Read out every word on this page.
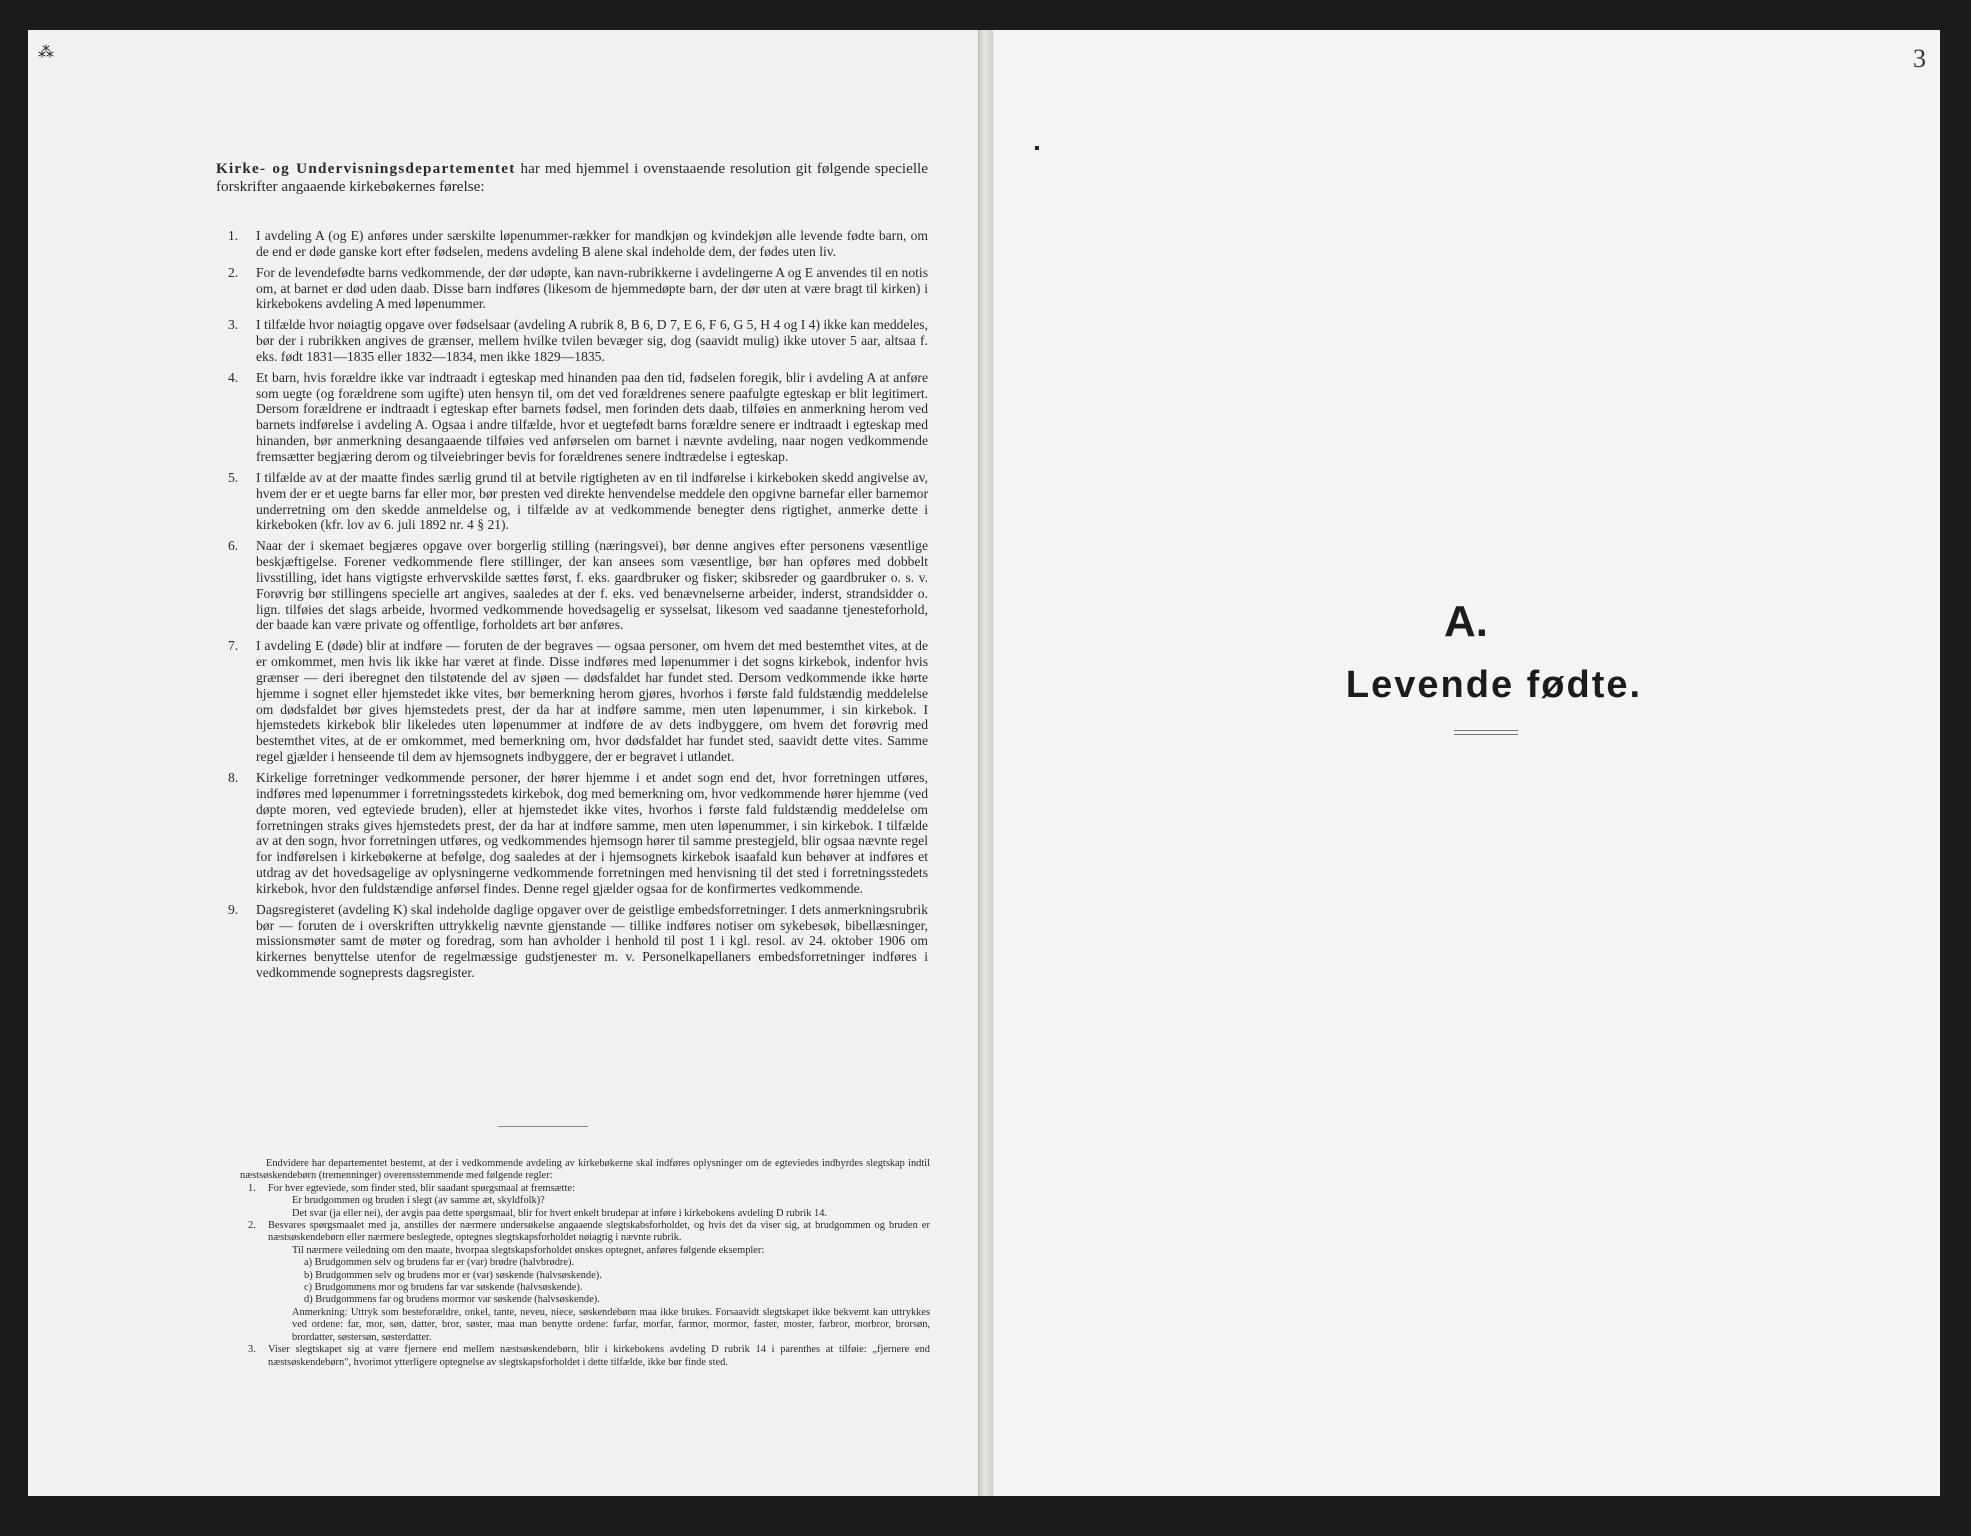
⁂
Kirke- og Undervisningsdepartementet har med hjemmel i ovenstaaende resolution git følgende specielle forskrifter angaaende kirkebøkernes førelse:
1. I avdeling A (og E) anføres under særskilte løpenummer-rækker for mandkjøn og kvindekjøn alle levende fødte barn, om de end er døde ganske kort efter fødselen, medens avdeling B alene skal indeholde dem, der fødes uten liv.
2. For de levendefødte barns vedkommende, der dør udøpte, kan navn-rubrikkerne i avdelingerne A og E anvendes til en notis om, at barnet er død uden daab. Disse barn indføres (likesom de hjemmedøpte barn, der dør uten at være bragt til kirken) i kirkebokens avdeling A med løpenummer.
3. I tilfælde hvor nøiagtig opgave over fødselsaar (avdeling A rubrik 8, B 6, D 7, E 6, F 6, G 5, H 4 og I 4) ikke kan meddeles, bør der i rubrikken angives de grænser, mellem hvilke tvilen bevæger sig, dog (saavidt mulig) ikke utover 5 aar, altsaa f. eks. født 1831—1835 eller 1832—1834, men ikke 1829—1835.
4. Et barn, hvis forældre ikke var indtraadt i egteskap med hinanden paa den tid, fødselen foregik, blir i avdeling A at anføre som uegte (og forældrene som ugifte) uten hensyn til, om det ved forældrenes senere paafulgte egteskap er blit legitimert. Dersom forældrene er indtraadt i egteskap efter barnets fødsel, men forinden dets daab, tilføies en anmerkning herom ved barnets indførelse i avdeling A. Ogsaa i andre tilfælde, hvor et uegtefødt barns forældre senere er indtraadt i egteskap med hinanden, bør anmerkning desangaaende tilføies ved anførselen om barnet i nævnte avdeling, naar nogen vedkommende fremsætter begjæring derom og tilveiebringer bevis for forældrenes senere indtrædelse i egteskap.
5. I tilfælde av at der maatte findes særlig grund til at betvile rigtigheten av en til indførelse i kirkeboken skedd angivelse av, hvem der er et uegte barns far eller mor, bør presten ved direkte henvendelse meddele den opgivne barnefar eller barnemor underretning om den skedde anmeldelse og, i tilfælde av at vedkommende benegter dens rigtighet, anmerke dette i kirkeboken (kfr. lov av 6. juli 1892 nr. 4 § 21).
6. Naar der i skemaet begjæres opgave over borgerlig stilling (næringsvei), bør denne angives efter personens væsentlige beskjæftigelse. Forener vedkommende flere stillinger, der kan ansees som væsentlige, bør han opføres med dobbelt livsstilling, idet hans vigtigste erhvervskilde sættes først, f. eks. gaardbruker og fisker; skibsreder og gaardbruker o. s. v. Forøvrig bør stillingens specielle art angives, saaledes at der f. eks. ved benævnelserne arbeider, inderst, strandsidder o. lign. tilføies det slags arbeide, hvormed vedkommende hovedsagelig er sysselsat, likesom ved saadanne tjenesteforhold, der baade kan være private og offentlige, forholdets art bør anføres.
7. I avdeling E (døde) blir at indføre — foruten de der begraves — ogsaa personer, om hvem det med bestemthet vites, at de er omkommet, men hvis lik ikke har været at finde. Disse indføres med løpenummer i det sogns kirkebok, indenfor hvis grænser — deri iberegnet den tilstøtende del av sjøen — dødsfaldet har fundet sted. Dersom vedkommende ikke hørte hjemme i sognet eller hjemstedet ikke vites, bør bemerkning herom gjøres, hvorhos i første fald fuldstændig meddelelse om dødsfaldet bør gives hjemstedets prest, der da har at indføre samme, men uten løpenummer, i sin kirkebok. I hjemstedets kirkebok blir likeledes uten løpenummer at indføre de av dets indbyggere, om hvem det forøvrig med bestemthet vites, at de er omkommet, med bemerkning om, hvor dødsfaldet har fundet sted, saavidt dette vites. Samme regel gjælder i henseende til dem av hjemsognets indbyggere, der er begravet i utlandet.
8. Kirkelige forretninger vedkommende personer, der hører hjemme i et andet sogn end det, hvor forretningen utføres, indføres med løpenummer i forretningsstedets kirkebok, dog med bemerkning om, hvor vedkommende hører hjemme (ved døpte moren, ved egteviede bruden), eller at hjemstedet ikke vites, hvorhos i første fald fuldstændig meddelelse om forretningen straks gives hjemstedets prest, der da har at indføre samme, men uten løpenummer, i sin kirkebok. I tilfælde av at den sogn, hvor forretningen utføres, og vedkommendes hjemsogn hører til samme prestegjeld, blir ogsaa nævnte regel for indførelsen i kirkebøkerne at befølge, dog saaledes at der i hjemsognets kirkebok isaafald kun behøver at indføres et utdrag av det hovedsagelige av oplysningerne vedkommende forretningen med henvisning til det sted i forretningsstedets kirkebok, hvor den fuldstændige anførsel findes. Denne regel gjælder ogsaa for de konfirmertes vedkommende.
9. Dagsregisteret (avdeling K) skal indeholde daglige opgaver over de geistlige embedsforretninger. I dets anmerkningsrubrik bør — foruten de i overskriften uttrykkelig nævnte gjenstande — tillike indføres notiser om sykebesøk, bibellæsninger, missionsmøter samt de møter og foredrag, som han avholder i henhold til post 1 i kgl. resol. av 24. oktober 1906 om kirkernes benyttelse utenfor de regelmæssige gudstjenester m. v. Personelkapellaners embedsforretninger indføres i vedkommende sogneprests dagsregister.

Endvidere har departementet bestemt, at der i vedkommende avdeling av kirkebøkerne skal indføres oplysninger om de egteviedes indbyrdes slegtskap indtil næstsøskendebørn (tremenninger) overensstemmende med følgende regler:

1. For hver egteviede, som finder sted, blir saadant spørgsmaal at fremsætte:

Er brudgommen og bruden i slegt (av samme æt, skyldfolk)?

Det svar (ja eller nei), der avgis paa dette spørgsmaal, blir for hvert enkelt brudepar at inføre i kirkebokens avdeling D rubrik 14.

2. Besvares spørgsmaalet med ja, anstilles der nærmere undersøkelse angaaende slegtskabsforholdet, og hvis det da viser sig, at brudgommen og bruden er næstsøskendebørn eller nærmere beslegtede, optegnes slegtskapsforholdet nøiagtig i nævnte rubrik.

Til nærmere veiledning om den maate, hvorpaa slegtskapsforholdet ønskes optegnet, anføres følgende eksempler:

a) Brudgommen selv og brudens far er (var) brødre (halvbrødre).

b) Brudgommen selv og brudens mor er (var) søskende (halvsøskende).

c) Brudgommens mor og brudens far var søskende (halvsøskende).

d) Brudgommens far og brudens mormor var søskende (halvsøskende).

Anmerkning: Uttryk som besteforældre, onkel, tante, neveu, niece, søskendebørn maa ikke brukes. Forsaavidt slegtskapet ikke bekvemt kan uttrykkes ved ordene: far, mor, søn, datter, bror, søster, maa man benytte ordene: farfar, morfar, farmor, mormor, faster, moster, farbror, morbror, brorsøn, brordatter, søstersøn, søsterdatter.

3. Viser slegtskapet sig at være fjernere end mellem næstsøskendebørn, blir i kirkebokens avdeling D rubrik 14 i parenthes at tilføie: „fjernere end næstsøskendebørn", hvorimot ytterligere optegnelse av slegtskapsforholdet i dette tilfælde, ikke bør finde sted.

3
▪
A.
Levende fødte.
